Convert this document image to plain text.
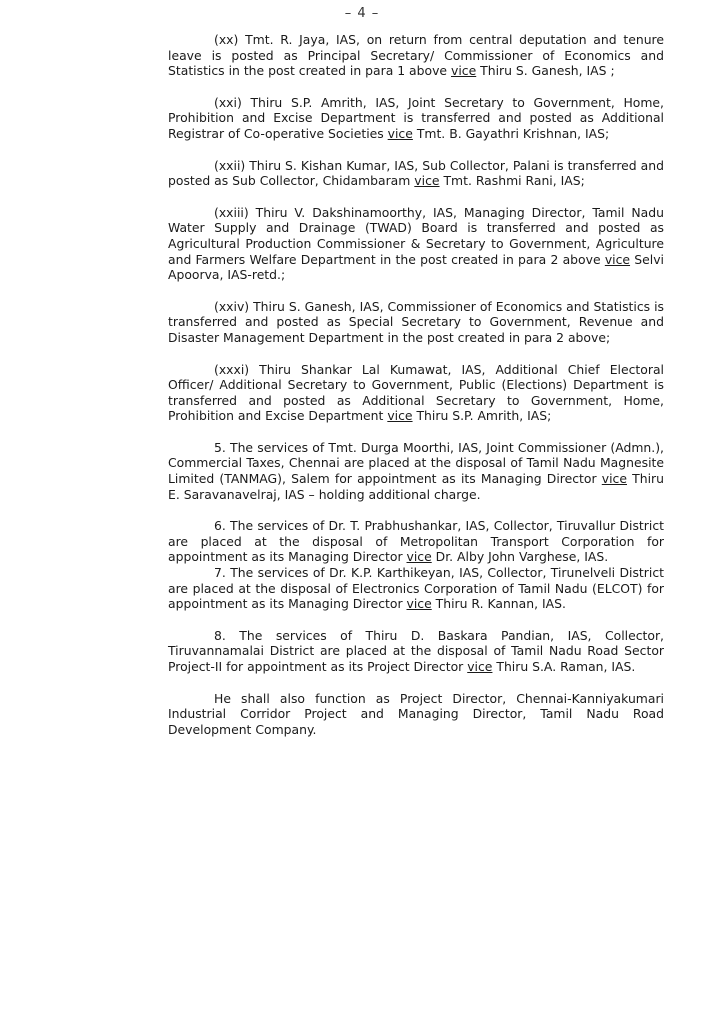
– 4 –

(xx) Tmt. R. Jaya, IAS, on return from central deputation and tenure leave is posted as Principal Secretary/ Commissioner of Economics and Statistics in the post created in para 1 above vice Thiru S. Ganesh, IAS ;

(xxi) Thiru S.P. Amrith, IAS, Joint Secretary to Government, Home, Prohibition and Excise Department is transferred and posted as Additional Registrar of Co-operative Societies vice Tmt. B. Gayathri Krishnan, IAS;

(xxii) Thiru S. Kishan Kumar, IAS, Sub Collector, Palani is transferred and posted as Sub Collector, Chidambaram vice Tmt. Rashmi Rani, IAS;

(xxiii) Thiru V. Dakshinamoorthy, IAS, Managing Director, Tamil Nadu Water Supply and Drainage (TWAD) Board is transferred and posted as Agricultural Production Commissioner & Secretary to Government, Agriculture and Farmers Welfare Department in the post created in para 2 above vice Selvi Apoorva, IAS-retd.;

(xxiv) Thiru S. Ganesh, IAS, Commissioner of Economics and Statistics is transferred and posted as Special Secretary to Government, Revenue and Disaster Management Department in the post created in para 2 above;

(xxxi) Thiru Shankar Lal Kumawat, IAS, Additional Chief Electoral Officer/ Additional Secretary to Government, Public (Elections) Department is transferred and posted as Additional Secretary to Government, Home, Prohibition and Excise Department vice Thiru S.P. Amrith, IAS;

5. The services of Tmt. Durga Moorthi, IAS, Joint Commissioner (Admn.), Commercial Taxes, Chennai are placed at the disposal of Tamil Nadu Magnesite Limited (TANMAG), Salem for appointment as its Managing Director vice Thiru E. Saravanavelraj, IAS – holding additional charge.

6. The services of Dr. T. Prabhushankar, IAS, Collector, Tiruvallur District are placed at the disposal of Metropolitan Transport Corporation for appointment as its Managing Director vice Dr. Alby John Varghese, IAS.

7. The services of Dr. K.P. Karthikeyan, IAS, Collector, Tirunelveli District are placed at the disposal of Electronics Corporation of Tamil Nadu (ELCOT) for appointment as its Managing Director vice Thiru R. Kannan, IAS.

8. The services of Thiru D. Baskara Pandian, IAS, Collector, Tiruvannamalai District are placed at the disposal of Tamil Nadu Road Sector Project-II for appointment as its Project Director vice Thiru S.A. Raman, IAS.

He shall also function as Project Director, Chennai-Kanniyakumari Industrial Corridor Project and Managing Director, Tamil Nadu Road Development Company.
